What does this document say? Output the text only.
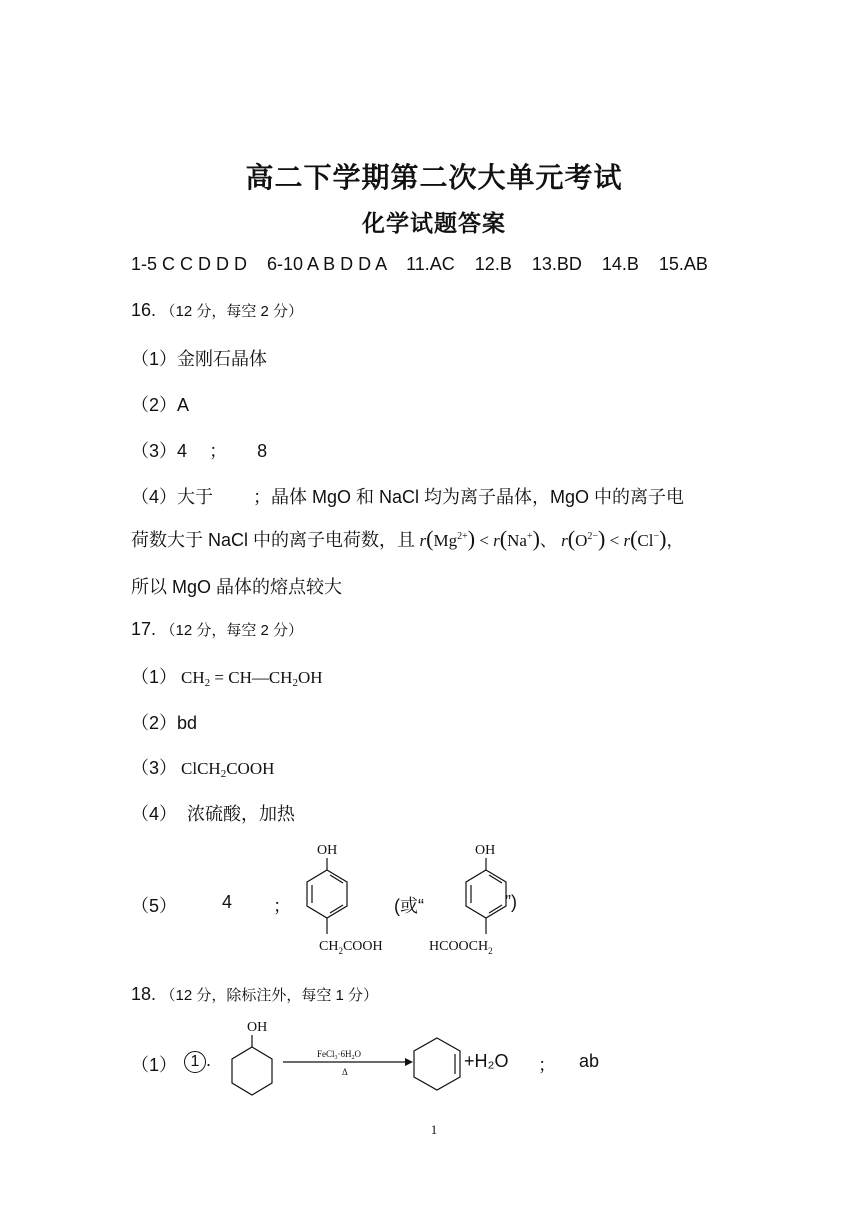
高二下学期第二次大单元考试
化学试题答案
1-5 C C D D D    6-10 A B D D A    11.AC    12.B    13.BD    14.B    15.AB
16. （12 分，每空 2 分）
（1）金刚石晶体
（2）A
（3）4 ； 8
（4）大于        ；晶体 MgO 和 NaCl 均为离子晶体，MgO 中的离子电
荷数大于 NaCl 中的离子电荷数，且 $r(Mg^{2+}) < r(Na^+)$、 $r(O^{2-}) < r(Cl^-)$，
所以 MgO 晶体的熔点较大
17. （12 分，每空 2 分）
（1） $CH_2$ = $CH—CH_2OH$
（2）bd
（3） ClCH$_2$COOH
（4）  浓硫酸，加热
（5） 4 ；
OH
$CH_2COOH$
(或“
OH
$HCOOCH_2$
”)
18. （12 分，除标注外，每空 1 分）
（1） 1 .
OH
$FeCl_3\cdot 6H_2O$
Δ
+H₂O ； ab
1
